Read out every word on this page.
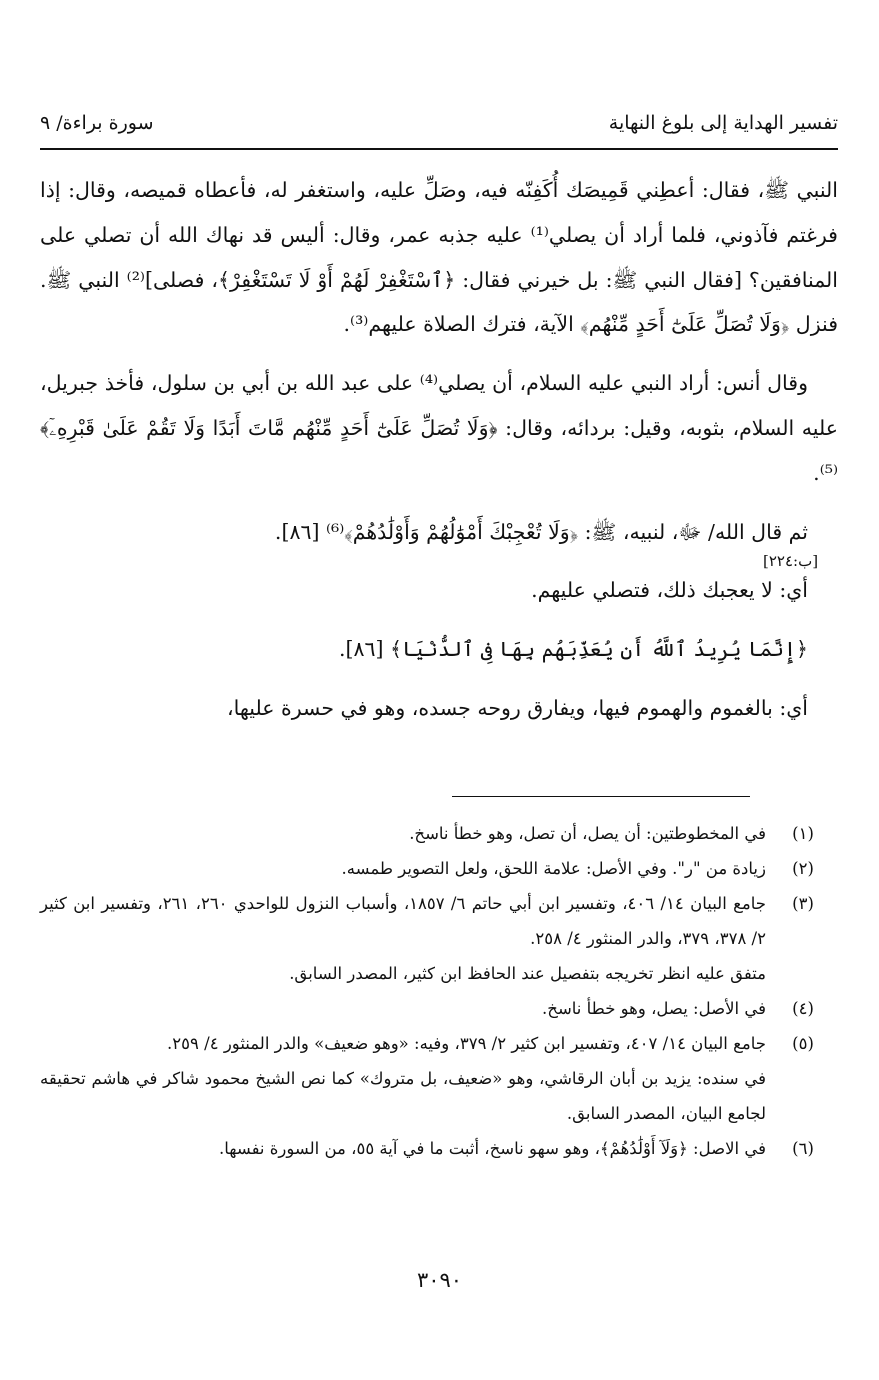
تفسير الهداية إلى بلوغ النهاية
سورة براءة/ ٩

النبي ﷺ، فقال: أعطِني قَمِيصَك أُكَفِنّه فيه، وصَلِّ عليه، واستغفر له، فأعطاه قميصه، وقال: إذا فرغتم فآذوني، فلما أراد أن يصلي⁽¹⁾ عليه جذبه عمر، وقال: أليس قد نهاك الله أن تصلي على المنافقين؟ [فقال النبي ﷺ: بل خيرني فقال: ﴿ٱسْتَغْفِرْ لَهُمْ أَوْ لَا تَسْتَغْفِرْ﴾، فصلى]⁽²⁾ النبي ﷺ. فنزل ﴿وَلَا تُصَلِّ عَلَىٰٓ أَحَدٍ مِّنْهُم﴾ الآية، فترك الصلاة عليهم⁽³⁾.

وقال أنس: أراد النبي عليه السلام، أن يصلي⁽⁴⁾ على عبد الله بن أبي بن سلول، فأخذ جبريل، عليه السلام، بثوبه، وقيل: بردائه، وقال: ﴿وَلَا تُصَلِّ عَلَىٰٓ أَحَدٍ مِّنْهُم مَّاتَ أَبَدًا وَلَا تَقُمْ عَلَىٰ قَبْرِهِۦٓ﴾⁽⁵⁾.

ثم قال الله/ ﷻ، لنبيه، ﷺ: ﴿وَلَا تُعْجِبْكَ أَمْوَٰلُهُمْ وَأَوْلَٰدُهُمْ﴾⁽⁶⁾ [٨٦].

أي: لا يعجبك ذلك، فتصلي عليهم.

﴿إِنَّمَا يُرِيدُ ٱللَّهُ أَن يُعَذِّبَهُم بِهَا فِى ٱلدُّنْيَا﴾ [٨٦].

أي: بالغموم والهموم فيها، ويفارق روحه جسده، وهو في حسرة عليها،

[ب:٢٢٤]
(١)
في المخطوطتين: أن يصل، أن تصل، وهو خطأ ناسخ.
(٢)
زيادة من "ر". وفي الأصل: علامة اللحق، ولعل التصوير طمسه.
(٣)
جامع البيان ١٤/ ٤٠٦، وتفسير ابن أبي حاتم ٦/ ١٨٥٧، وأسباب النزول للواحدي ٢٦٠، ٢٦١، وتفسير ابن كثير ٢/ ٣٧٨، ٣٧٩، والدر المنثور ٤/ ٢٥٨.
متفق عليه انظر تخريجه بتفصيل عند الحافظ ابن كثير، المصدر السابق.
(٤)
في الأصل: يصل، وهو خطأ ناسخ.
(٥)
جامع البيان ١٤/ ٤٠٧، وتفسير ابن كثير ٢/ ٣٧٩، وفيه: «وهو ضعيف» والدر المنثور ٤/ ٢٥٩.
في سنده: يزيد بن أبان الرقاشي، وهو «ضعيف، بل متروك» كما نص الشيخ محمود شاكر في هاشم تحقيقه لجامع البيان، المصدر السابق.
(٦)
في الاصل: ﴿وَلَآ أَوْلَٰدُهُمْ﴾، وهو سهو ناسخ، أثبت ما في آية ٥٥، من السورة نفسها.
٣٠٩٠
